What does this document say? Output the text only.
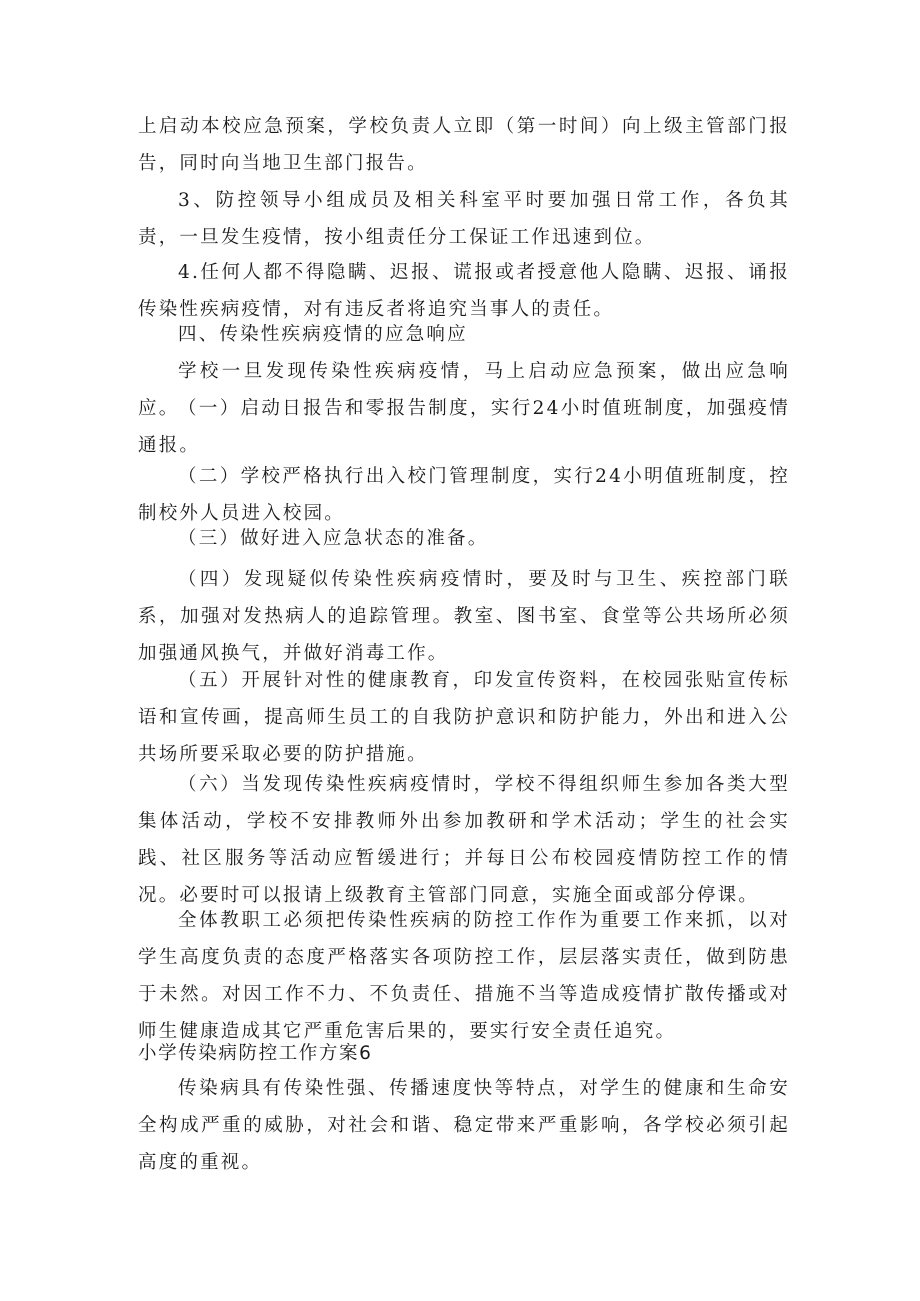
上启动本校应急预案，学校负责人立即（第一时间）向上级主管部门报告，同时向当地卫生部门报告。

3、防控领导小组成员及相关科室平时要加强日常工作，各负其责，一旦发生疫情，按小组责任分工保证工作迅速到位。

4.任何人都不得隐瞒、迟报、谎报或者授意他人隐瞒、迟报、诵报传染性疾病疫情，对有违反者将追究当事人的责任。

四、传染性疾病疫情的应急响应

学校一旦发现传染性疾病疫情，马上启动应急预案，做出应急响应。

（一）启动日报告和零报告制度，实行24小时值班制度，加强疫情通报。

（二）学校严格执行出入校门管理制度，实行24小明值班制度，控制校外人员进入校园。

（三）做好进入应急状态的准备。

（四）发现疑似传染性疾病疫情时，要及时与卫生、疾控部门联系，加强对发热病人的追踪管理。教室、图书室、食堂等公共场所必须加强通风换气，并做好消毒工作。

（五）开展针对性的健康教育，印发宣传资料，在校园张贴宣传标语和宣传画，提高师生员工的自我防护意识和防护能力，外出和进入公共场所要采取必要的防护措施。

（六）当发现传染性疾病疫情时，学校不得组织师生参加各类大型集体活动，学校不安排教师外出参加教研和学术活动；学生的社会实践、社区服务等活动应暂缓进行；并每日公布校园疫情防控工作的情况。必要时可以报请上级教育主管部门同意，实施全面或部分停课。

全体教职工必须把传染性疾病的防控工作作为重要工作来抓，以对学生高度负责的态度严格落实各项防控工作，层层落实责任，做到防患于未然。对因工作不力、不负责任、措施不当等造成疫情扩散传播或对师生健康造成其它严重危害后果的，要实行安全责任追究。

小学传染病防控工作方案6

传染病具有传染性强、传播速度快等特点，对学生的健康和生命安全构成严重的威胁，对社会和谐、稳定带来严重影响，各学校必须引起高度的重视。
